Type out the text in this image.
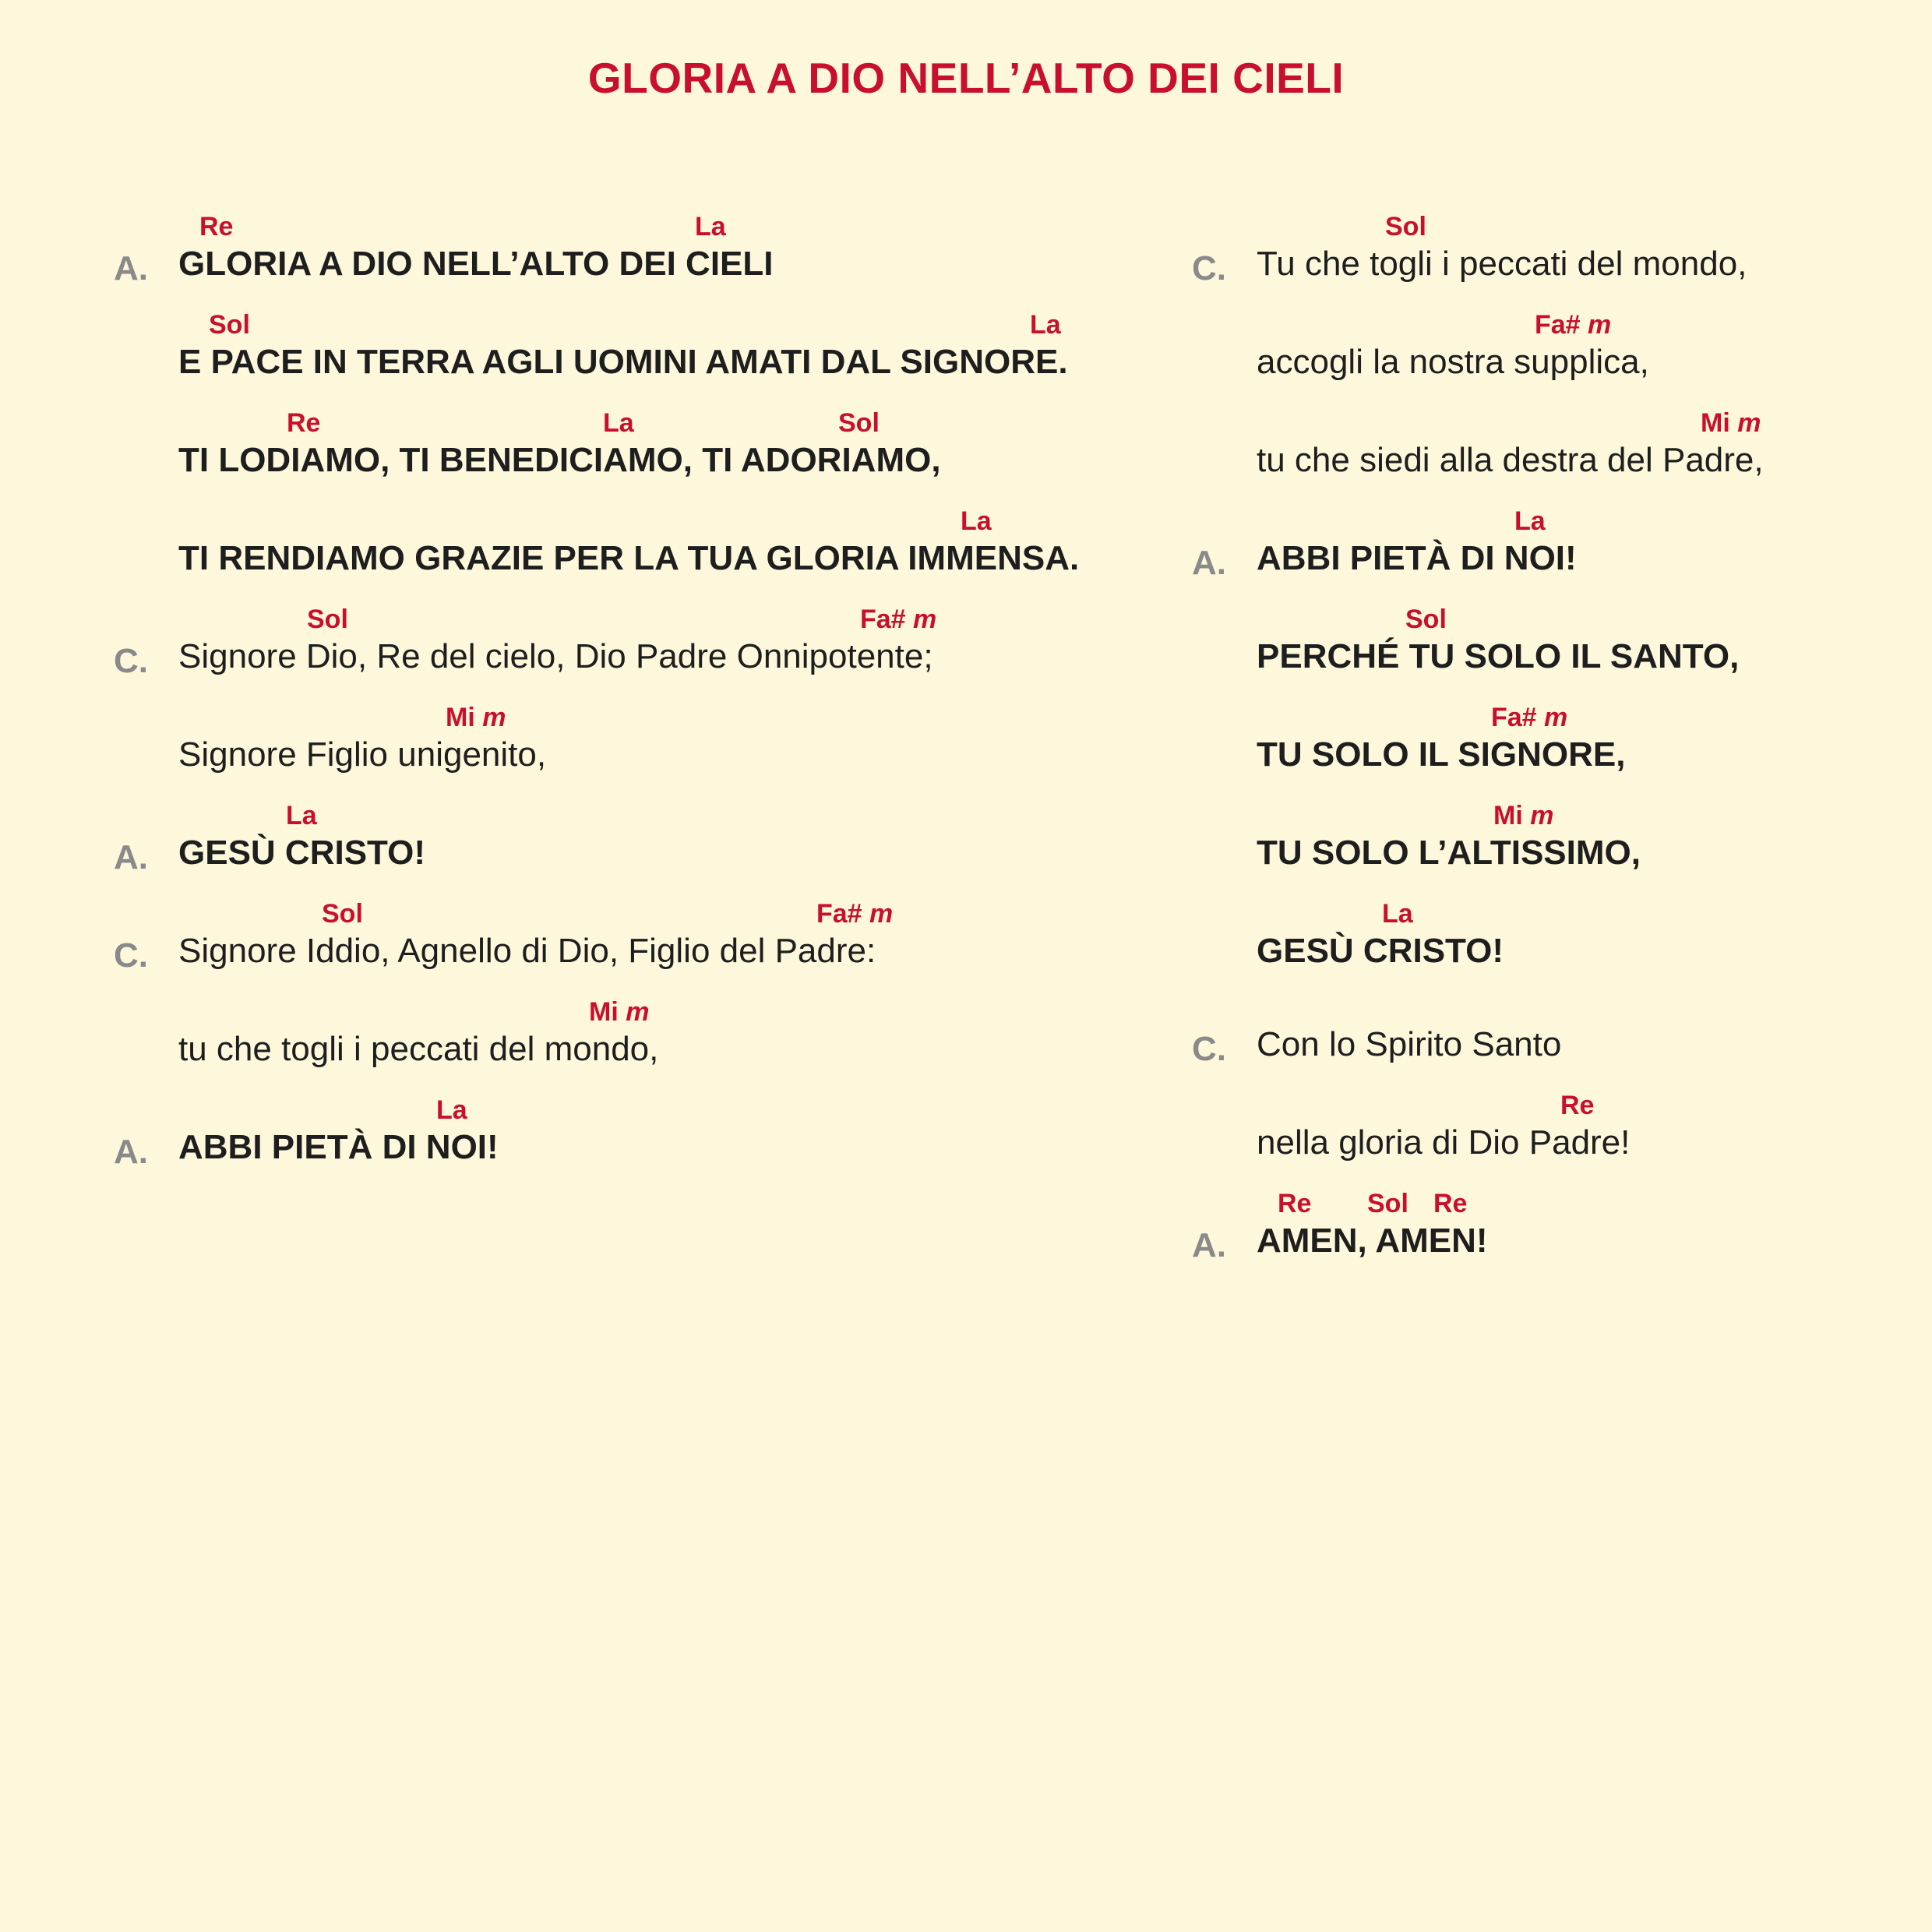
GLORIA A DIO NELL’ALTO DEI CIELI
Re	La
A. GLORIA A DIO NELL’ALTO DEI CIELI
Sol	La
E PACE IN TERRA AGLI UOMINI AMATI DAL SIGNORE.
Re	La	Sol
TI LODIAMO, TI BENEDICIAMO, TI ADORIAMO,
La
TI RENDIAMO GRAZIE PER LA TUA GLORIA IMMENSA.
Sol	Fa# m
C. Signore Dio, Re del cielo, Dio Padre Onnipotente;
Mi m
Signore Figlio unigenito,
La
A. GESÙ CRISTO!
Sol	Fa# m
C. Signore Iddio, Agnello di Dio, Figlio del Padre:
Mi m
tu che togli i peccati del mondo,
La
A. ABBI PIETÀ DI NOI!
Sol
C. Tu che togli i peccati del mondo,
Fa# m
accogli la nostra supplica,
Mi m
tu che siedi alla destra del Padre,
La
A. ABBI PIETÀ DI NOI!
Sol
PERCHÉ TU SOLO IL SANTO,
Fa# m
TU SOLO IL SIGNORE,
Mi m
TU SOLO L’ALTISSIMO,
La
GESÙ CRISTO!
C. Con lo Spirito Santo
Re
nella gloria di Dio Padre!
Re Sol Re
A. AMEN, AMEN!
